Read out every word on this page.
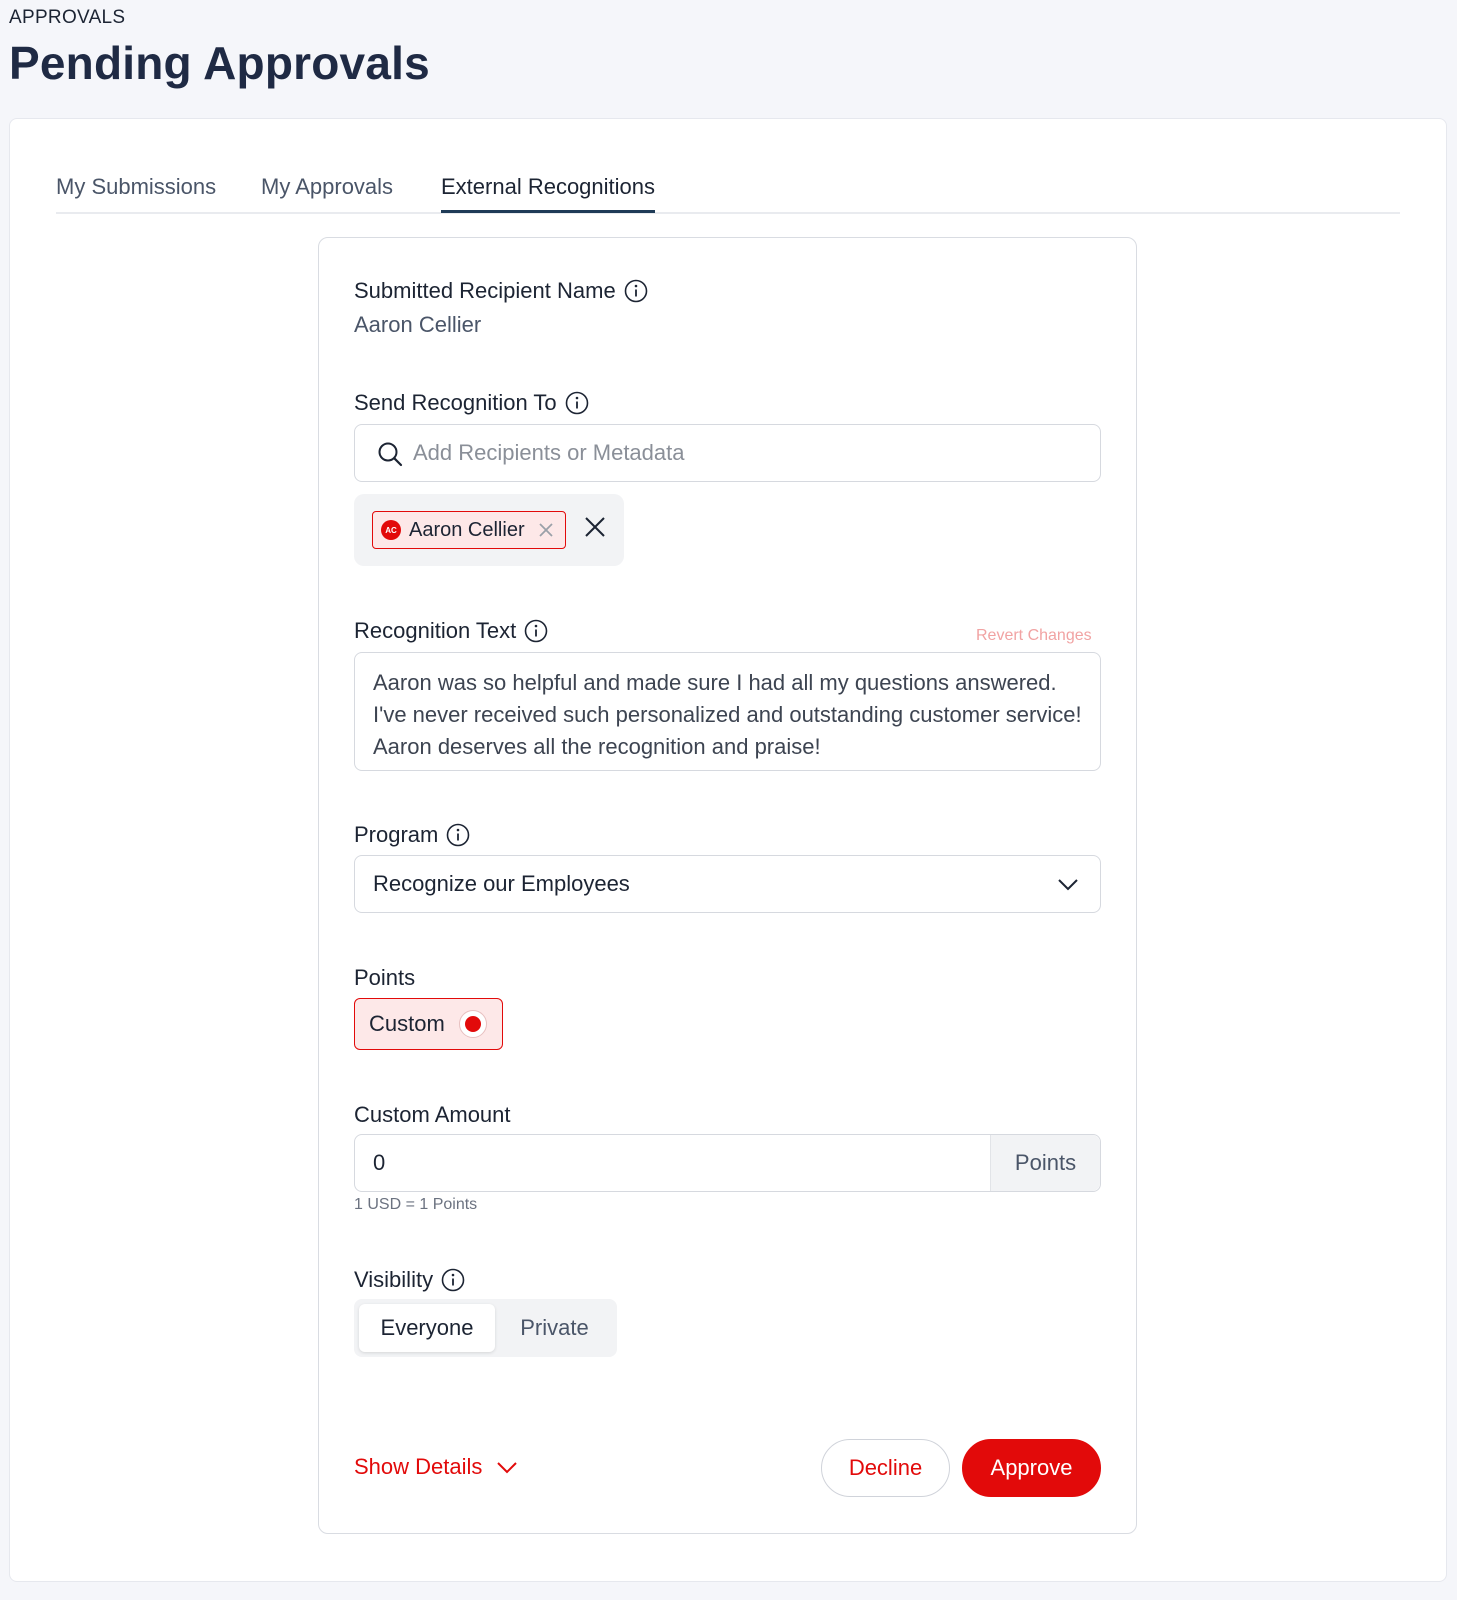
APPROVALS
Pending Approvals
My Submissions My Approvals External Recognitions
Submitted Recipient Name
Aaron Cellier
Send Recognition To
Add Recipients or Metadata
AC Aaron Cellier
Recognition Text	Revert Changes
Aaron was so helpful and made sure I had all my questions answered. I've never received such personalized and outstanding customer service! Aaron deserves all the recognition and praise!
Program
Recognize our Employees
Points
Custom
Custom Amount
0
Points
1 USD = 1 Points
Visibility
Everyone	Private
Show Details	Decline	Approve
